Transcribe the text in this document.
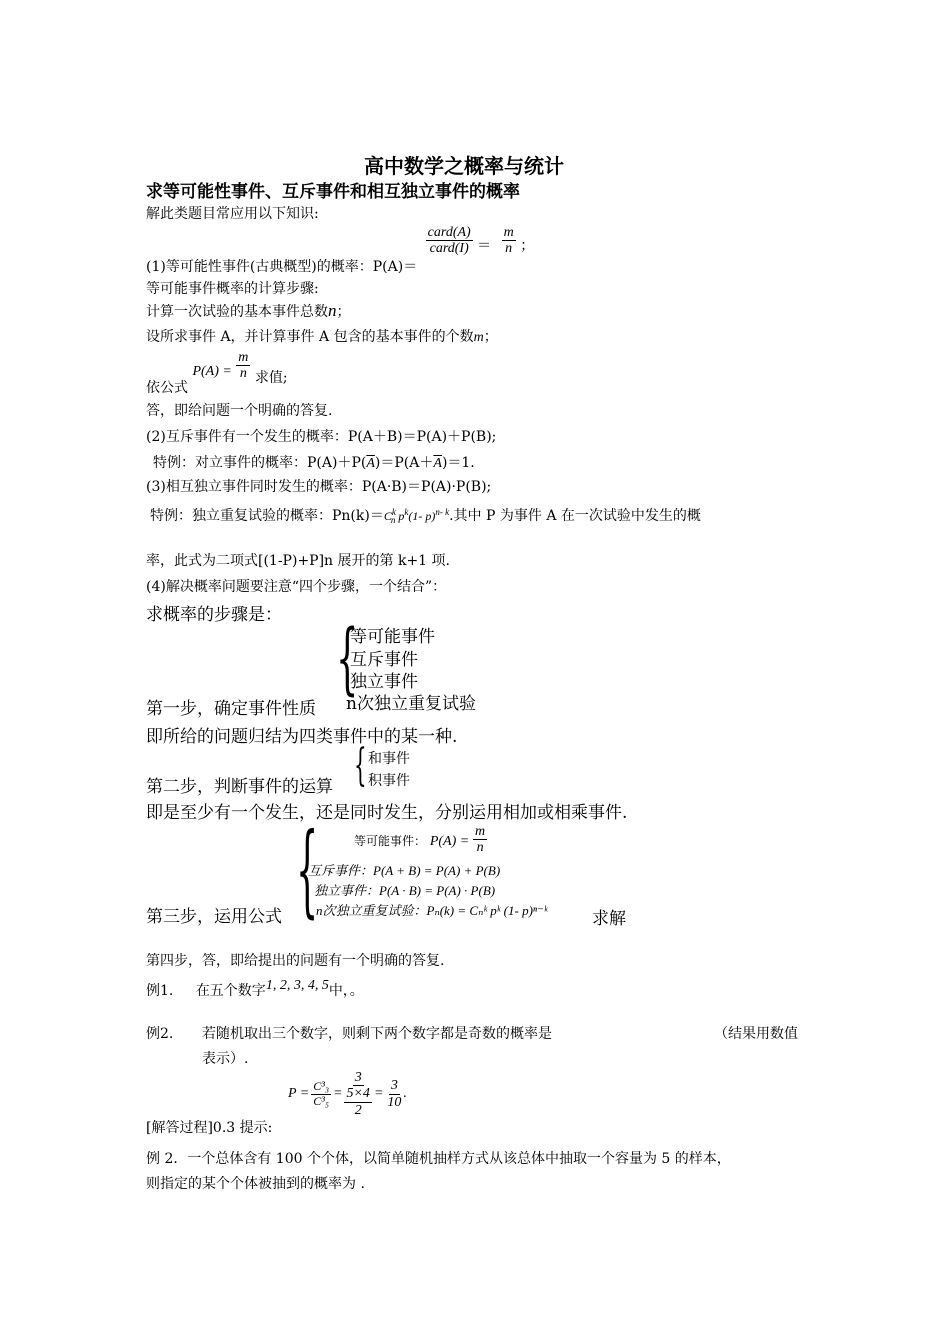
高中数学之概率与统计
求等可能性事件、互斥事件和相互独立事件的概率
解此类题目常应用以下知识:
(1)等可能性事件(古典概型)的概率：P(A)＝
$\frac{\text{card(A)}}{\text{card(I)}} = \frac{m}{n}$ ；
等可能事件概率的计算步骤:
计算一次试验的基本事件总数n；
设所求事件 A，并计算事件 A 包含的基本事件的个数m；
依公式 $P(A) = \frac{m}{n}$ 求值;
答，即给问题一个明确的答复.
(2)互斥事件有一个发生的概率：P(A＋B)＝P(A)＋P(B);
特例：对立事件的概率：$P(A)+P(\overline{A})=P(A+\overline{A})=1$.
(3)相互独立事件同时发生的概率：P(A·B)＝P(A)·P(B);
特例：独立重复试验的概率：$Pn(k)=C^k_n$ $p^k(1-$ p)$^{n- k}$.其中 P 为事件 A 在一次试验中发生的概
率，此式为二项式[(1-P)+P]n 展开的第 k+1 项.
(4)解决概率问题要注意“四个步骤，一个结合”：
求概率的步骤是： {
等可能事件
互斥事件
独立事件
n次独立重复试验
第一步，确定事件性质
即所给的问题归结为四类事件中的某一种.
{ 和事件
积事件
第二步，判断事件的运算
即是至少有一个发生，还是同时发生，分别运用相加或相乘事件.
{	等可能事件： $P(A) = \frac{m}{n}$
互斥事件：P(A + B) = P(A) + P(B)
独立事件：P(A · B) = P(A) · P(B)
n次独立重复试验：Pₙ(k) = Cₙᵏ pᵏ (1- p)ⁿ⁻ᵏ
第三步，运用公式	求解
第四步，答，即给提出的问题有一个明确的答复.
例1. 在五个数字1, 2, 3, 4, 5中，。
例2. 若随机取出三个数字，则剩下两个数字都是奇数的概率是	（结果用数值
表示）.
$P = \frac{\text{C³₃}}{\text{C³₅}}$ =
3
5×4
2
= $\frac{3}{10}$ .
[解答过程]0.3 提示:
例 2．一个总体含有 100 个个体，以简单随机抽样方式从该总体中抽取一个容量为 5 的样本，
则指定的某个个体被抽到的概率为 .
